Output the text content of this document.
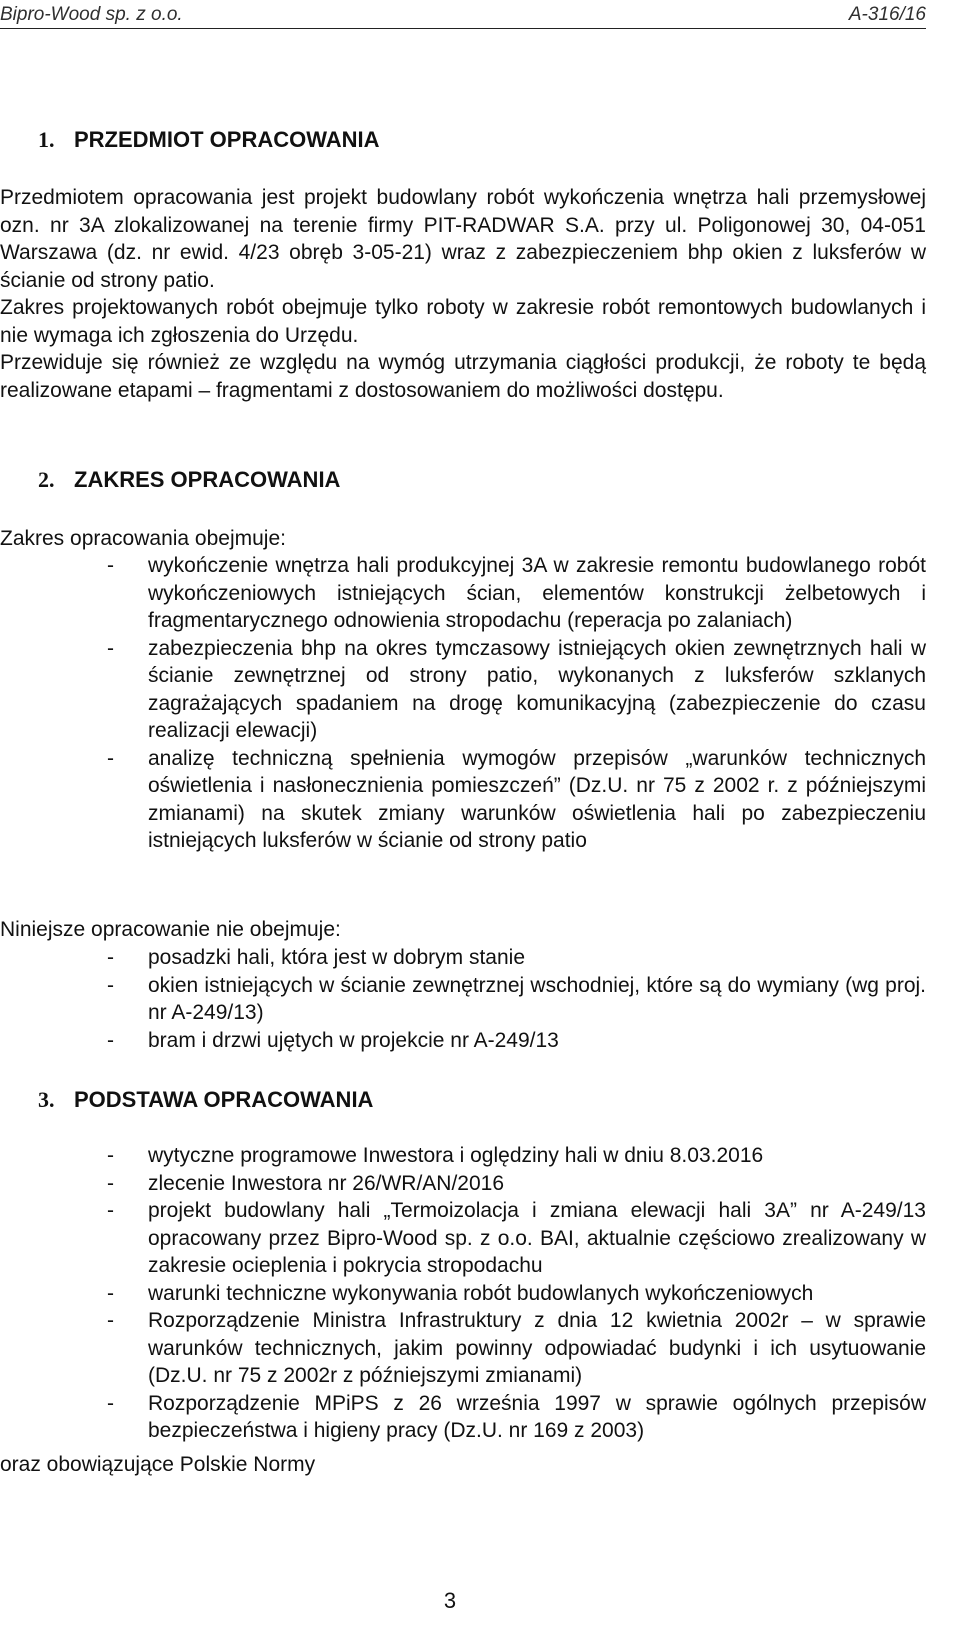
Bipro-Wood sp. z o.o.	A-316/16
1. PRZEDMIOT OPRACOWANIA

Przedmiotem opracowania jest projekt budowlany robót wykończenia wnętrza hali przemysłowej ozn. nr 3A zlokalizowanej na terenie firmy PIT-RADWAR S.A. przy ul. Poligonowej 30, 04-051 Warszawa (dz. nr ewid. 4/23 obręb 3-05-21) wraz z zabezpieczeniem bhp okien z luksferów w ścianie od strony patio.

Zakres projektowanych robót obejmuje tylko roboty w zakresie robót remontowych budowlanych i nie wymaga ich zgłoszenia do Urzędu.

Przewiduje się również ze względu na wymóg utrzymania ciągłości produkcji, że roboty te będą realizowane etapami – fragmentami z dostosowaniem do możliwości dostępu.

2. ZAKRES OPRACOWANIA
Zakres opracowania obejmuje:
- wykończenie wnętrza hali produkcyjnej 3A w zakresie remontu budowlanego robót wykończeniowych istniejących ścian, elementów konstrukcji żelbetowych i fragmentarycznego odnowienia stropodachu (reperacja po zalaniach)
- zabezpieczenia bhp na okres tymczasowy istniejących okien zewnętrznych hali w ścianie zewnętrznej od strony patio, wykonanych z luksferów szklanych zagrażających spadaniem na drogę komunikacyjną (zabezpieczenie do czasu realizacji elewacji)
- analizę techniczną spełnienia wymogów przepisów „warunków technicznych oświetlenia i nasłonecznienia pomieszczeń” (Dz.U. nr 75 z 2002 r. z późniejszymi zmianami) na skutek zmiany warunków oświetlenia hali po zabezpieczeniu istniejących luksferów w ścianie od strony patio
Niniejsze opracowanie nie obejmuje:
- posadzki hali, która jest w dobrym stanie
- okien istniejących w ścianie zewnętrznej wschodniej, które są do wymiany (wg proj. nr A-249/13)
- bram i drzwi ujętych w projekcie nr A-249/13
3. PODSTAWA OPRACOWANIA
- wytyczne programowe Inwestora i oględziny hali w dniu 8.03.2016
- zlecenie Inwestora nr 26/WR/AN/2016
- projekt budowlany hali „Termoizolacja i zmiana elewacji hali 3A” nr A-249/13 opracowany przez Bipro-Wood sp. z o.o. BAI, aktualnie częściowo zrealizowany w zakresie ocieplenia i pokrycia stropodachu
- warunki techniczne wykonywania robót budowlanych wykończeniowych
- Rozporządzenie Ministra Infrastruktury z dnia 12 kwietnia 2002r – w sprawie warunków technicznych, jakim powinny odpowiadać budynki i ich usytuowanie (Dz.U. nr 75 z 2002r z późniejszymi zmianami)
- Rozporządzenie MPiPS z 26 września 1997 w sprawie ogólnych przepisów bezpieczeństwa i higieny pracy (Dz.U. nr 169 z 2003)
oraz obowiązujące Polskie Normy
3
